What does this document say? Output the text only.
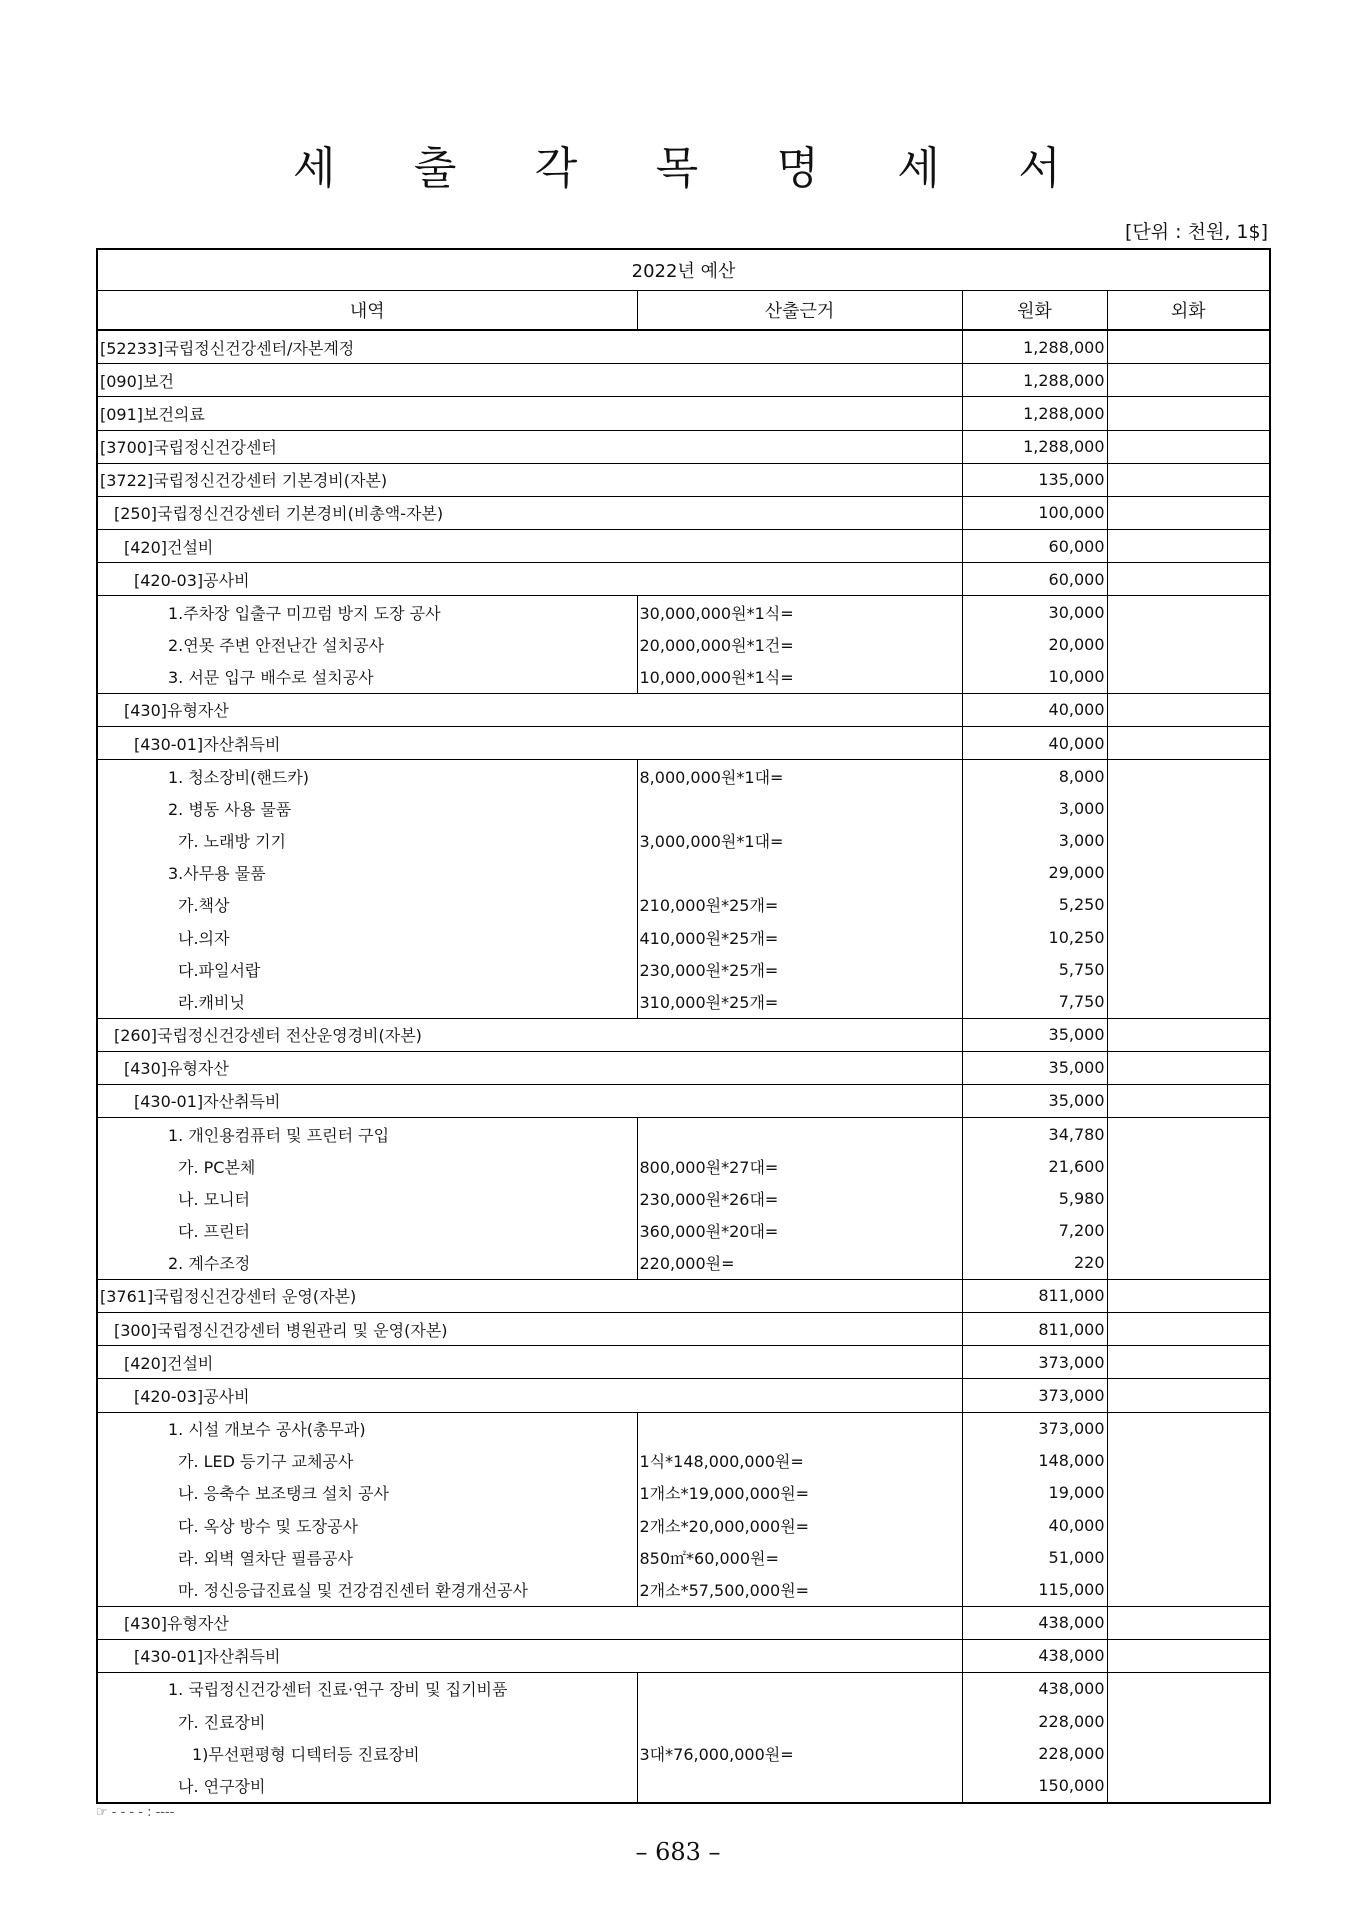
세 출 각 목 명 세 서
[단위 : 천원, 1$]
2022년 예산			
내역	산출근거	원화	외화
[52233]국립정신건강센터/자본계정		1,288,000	
[090]보건		1,288,000	
[091]보건의료		1,288,000	
[3700]국립정신건강센터		1,288,000	
[3722]국립정신건강센터 기본경비(자본)		135,000	
[250]국립정신건강센터 기본경비(비총액-자본)		100,000	
[420]건설비		60,000	
[420-03]공사비		60,000	
1.주차장 입출구 미끄럼 방지 도장 공사	30,000,000원*1식=	30,000	
2.연못 주변 안전난간 설치공사	20,000,000원*1건=	20,000	
3. 서문 입구 배수로 설치공사	10,000,000원*1식=	10,000	
[430]유형자산		40,000	
[430-01]자산취득비		40,000	
1. 청소장비(핸드카)	8,000,000원*1대=	8,000	
2. 병동 사용 물품		3,000	
가. 노래방 기기	3,000,000원*1대=	3,000	
3.사무용 물품		29,000	
가.책상	210,000원*25개=	5,250	
나.의자	410,000원*25개=	10,250	
다.파일서랍	230,000원*25개=	5,750	
라.캐비닛	310,000원*25개=	7,750	
[260]국립정신건강센터 전산운영경비(자본)		35,000	
[430]유형자산		35,000	
[430-01]자산취득비		35,000	
1. 개인용컴퓨터 및 프린터 구입		34,780	
가. PC본체	800,000원*27대=	21,600	
나. 모니터	230,000원*26대=	5,980	
다. 프린터	360,000원*20대=	7,200	
2. 계수조정	220,000원=	220	
[3761]국립정신건강센터 운영(자본)		811,000	
[300]국립정신건강센터 병원관리 및 운영(자본)		811,000	
[420]건설비		373,000	
[420-03]공사비		373,000	
1. 시설 개보수 공사(총무과)		373,000	
가. LED 등기구 교체공사	1식*148,000,000원=	148,000	
나. 응축수 보조탱크 설치 공사	1개소*19,000,000원=	19,000	
다. 옥상 방수 및 도장공사	2개소*20,000,000원=	40,000	
라. 외벽 열차단 필름공사	850㎡*60,000원=	51,000	
마. 정신응급진료실 및 건강검진센터 환경개선공사	2개소*57,500,000원=	115,000	
[430]유형자산		438,000	
[430-01]자산취득비		438,000	
1. 국립정신건강센터 진료·연구 장비 및 집기비품		438,000	
가. 진료장비		228,000	
1)무선편평형 디텍터등 진료장비	3대*76,000,000원=	228,000	
나. 연구장비		150,000	
☞ - - - - : ----
– 683 –
